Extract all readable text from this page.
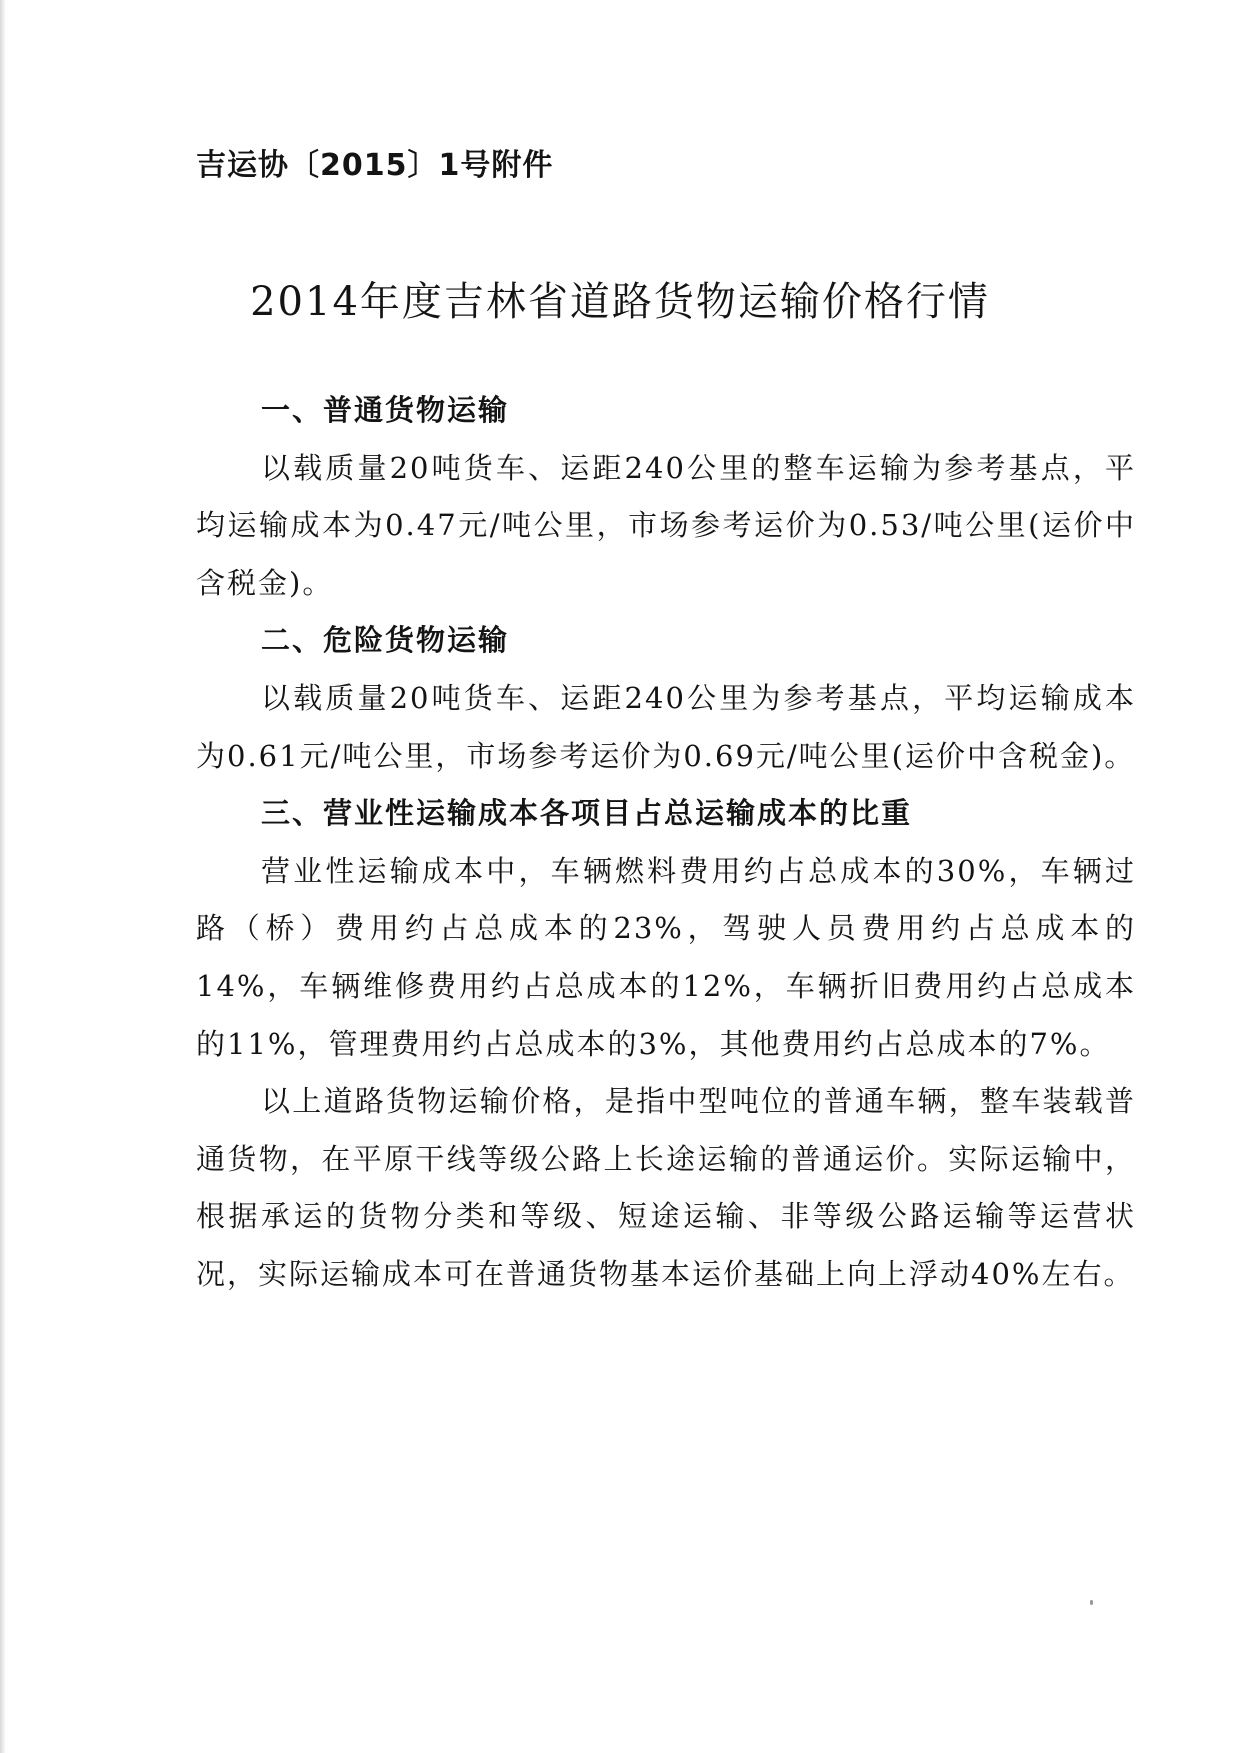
吉运协〔2015〕1号附件
2014年度吉林省道路货物运输价格行情

一、普通货物运输

以载质量20吨货车、运距240公里的整车运输为参考基点，平均运输成本为0.47元/吨公里，市场参考运价为0.53/吨公里(运价中含税金)。

二、危险货物运输

以载质量20吨货车、运距240公里为参考基点，平均运输成本为0.61元/吨公里，市场参考运价为0.69元/吨公里(运价中含税金)。

三、营业性运输成本各项目占总运输成本的比重

营业性运输成本中，车辆燃料费用约占总成本的30%，车辆过路（桥）费用约占总成本的23%，驾驶人员费用约占总成本的14%，车辆维修费用约占总成本的12%，车辆折旧费用约占总成本的11%，管理费用约占总成本的3%，其他费用约占总成本的7%。

以上道路货物运输价格，是指中型吨位的普通车辆，整车装载普通货物，在平原干线等级公路上长途运输的普通运价。实际运输中，根据承运的货物分类和等级、短途运输、非等级公路运输等运营状况，实际运输成本可在普通货物基本运价基础上向上浮动40%左右。
